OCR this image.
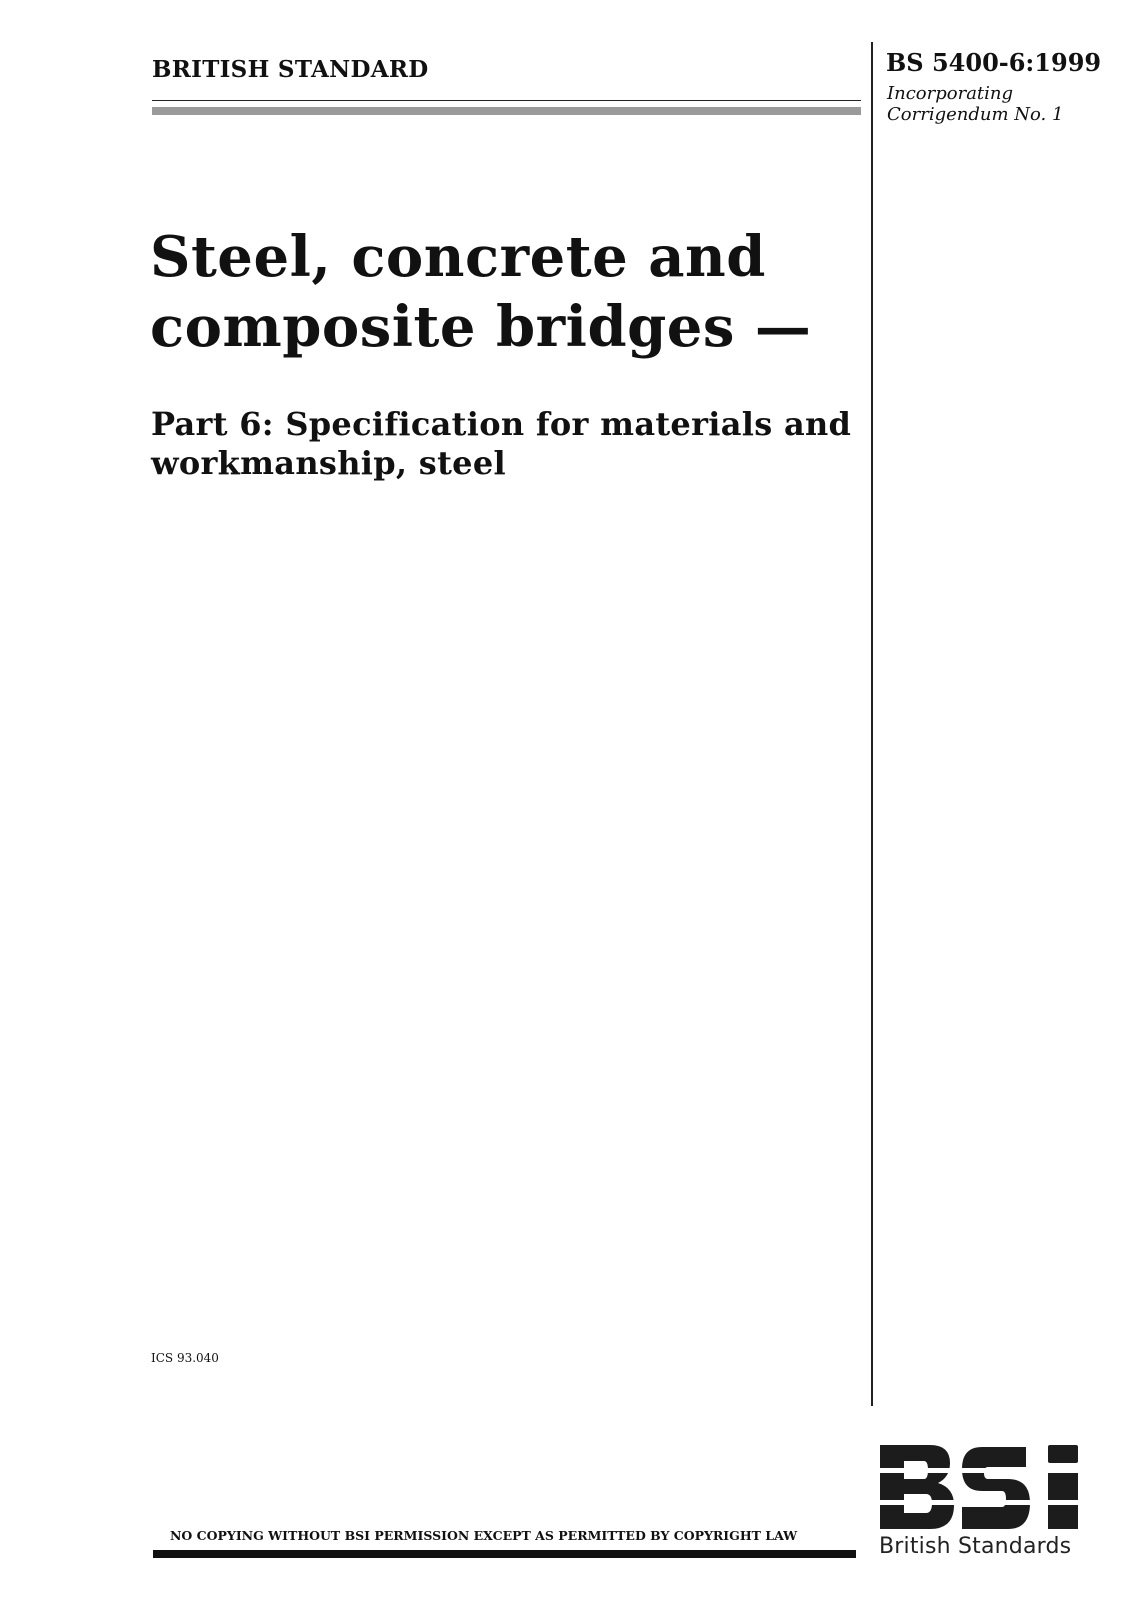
BRITISH STANDARD	BS 5400-6:1999
Incorporating
Corrigendum No. 1
Steel, concrete and
composite bridges —
Part 6: Specification for materials and
workmanship, steel
ICS 93.040
NO COPYING WITHOUT BSI PERMISSION EXCEPT AS PERMITTED BY COPYRIGHT LAW	British Standards
